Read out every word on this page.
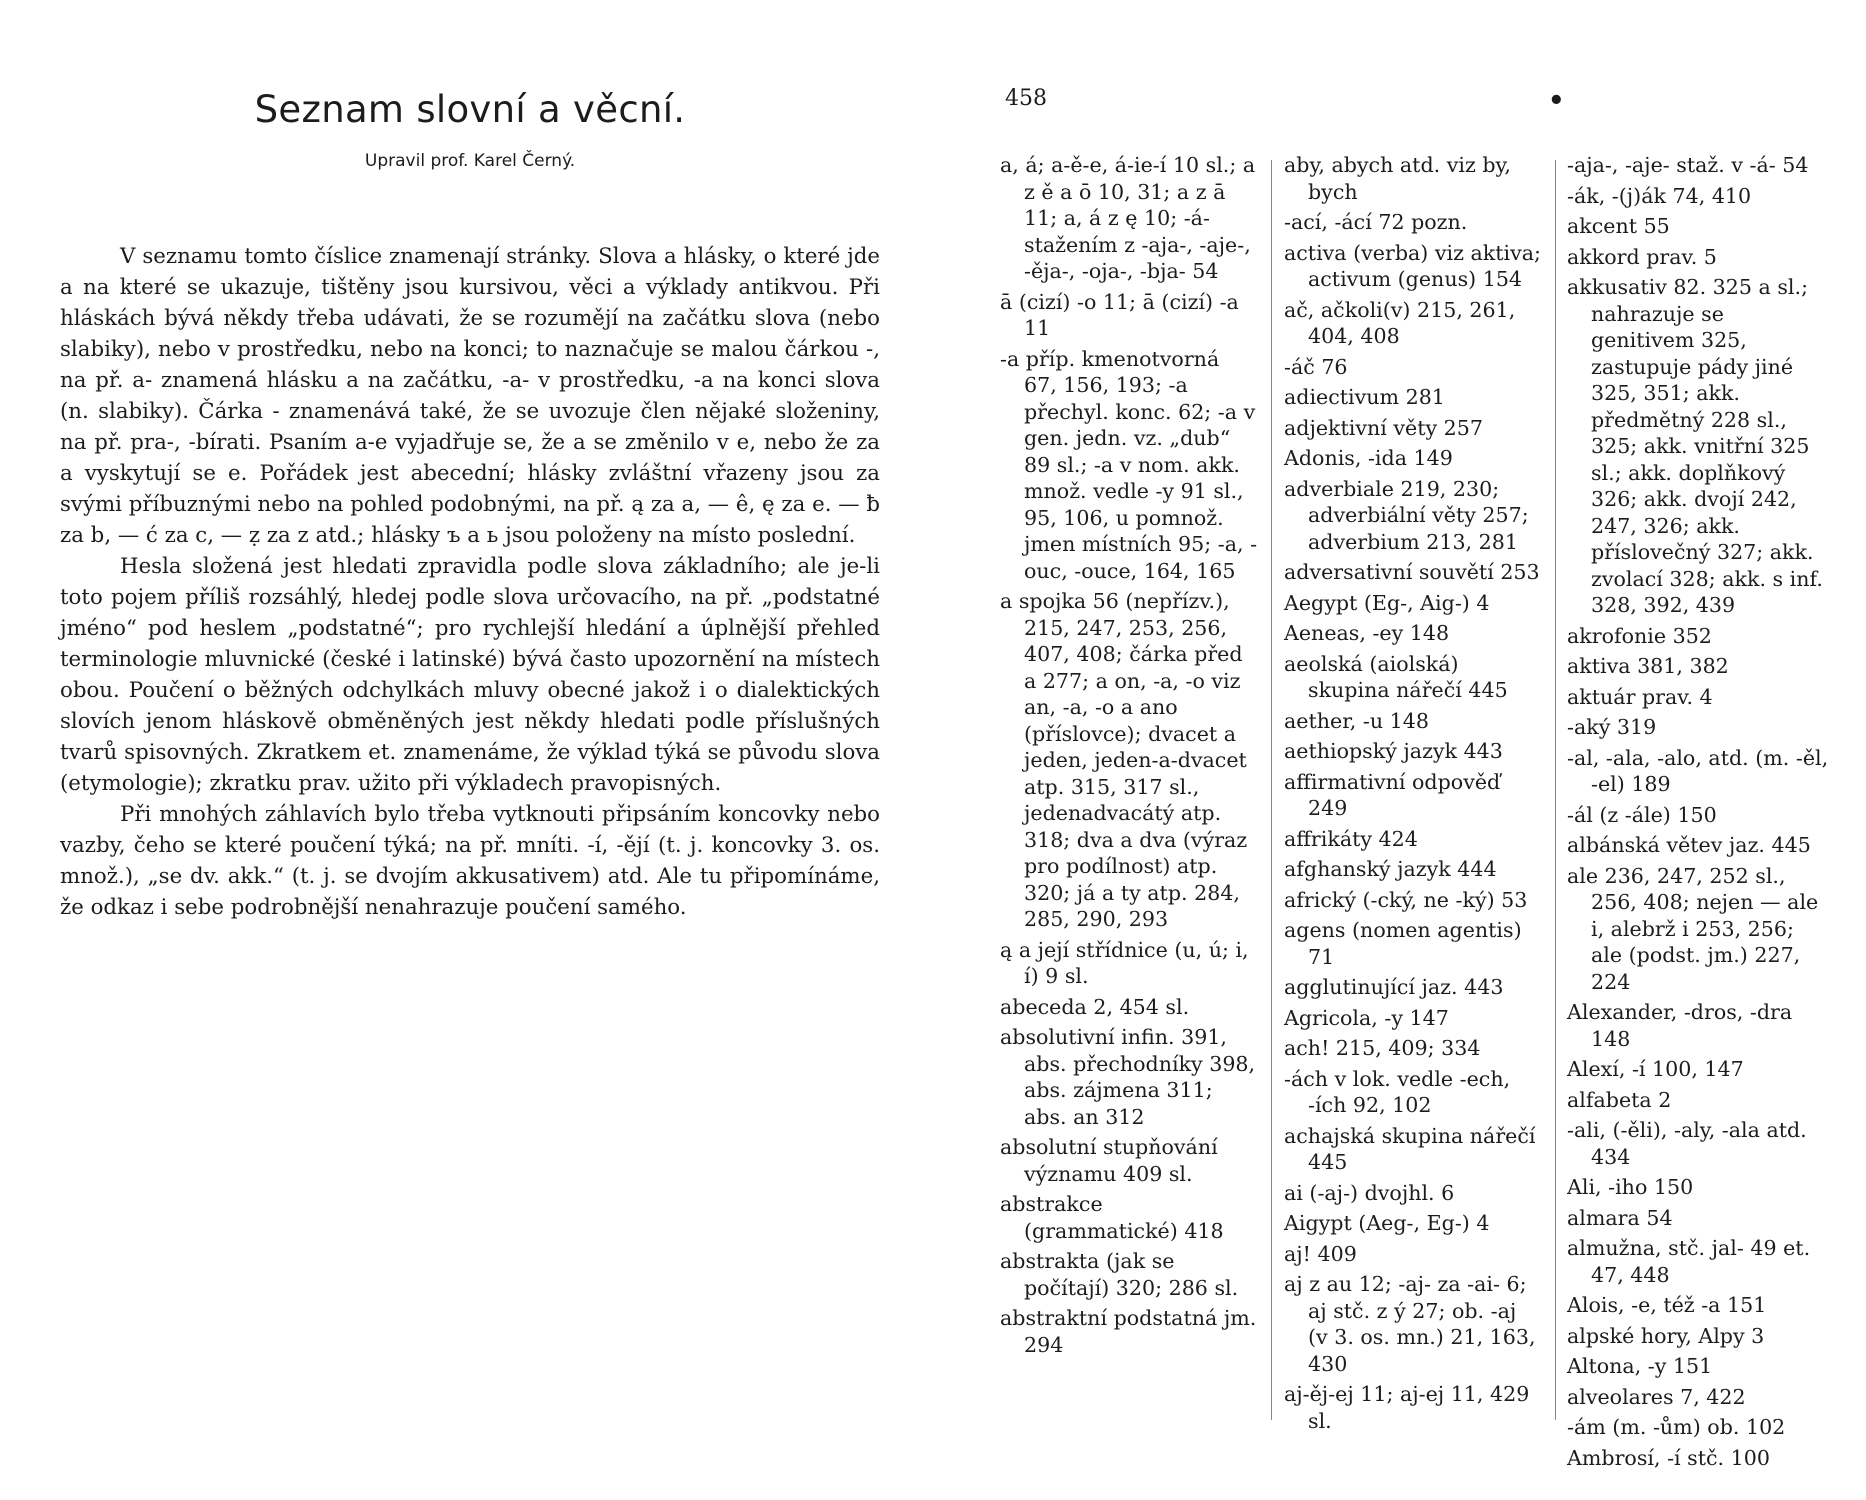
Seznam slovní a věcní.
Upravil prof. Karel Černý.

V seznamu tomto číslice znamenají stránky. Slova a hlásky, o které jde a na které se ukazuje, tištěny jsou kursivou, věci a výklady antikvou. Při hláskách bývá někdy třeba udávati, že se rozumějí na začátku slova (nebo slabiky), nebo v prostředku, nebo na konci; to naznačuje se malou čárkou -, na př. a- znamená hlásku a na začátku, -a- v prostředku, -a na konci slova (n. slabiky). Čárka - znamenává také, že se uvozuje člen nějaké složeniny, na př. pra-, -bírati. Psaním a-e vyjadřuje se, že a se změnilo v e, nebo že za a vyskytují se e. Pořádek jest abecední; hlásky zvláštní vřazeny jsou za svými příbuznými nebo na pohled podobnými, na př. ą za a, — ê, ę za e. — ƀ za b, — ć za c, — ẓ za z atd.; hlásky ъ a ь jsou položeny na místo poslední.

Hesla složená jest hledati zpravidla podle slova základního; ale je-li toto pojem příliš rozsáhlý, hledej podle slova určovacího, na př. „podstatné jméno“ pod heslem „podstatné“; pro rychlejší hledání a úplnější přehled terminologie mluvnické (české i latinské) bývá často upozornění na místech obou. Poučení o běžných odchylkách mluvy obecné jakož i o dialektických slovích jenom hláskově obměněných jest někdy hledati podle příslušných tvarů spisovných. Zkratkem et. znamenáme, že výklad týká se původu slova (etymologie); zkratku prav. užito při výkladech pravopisných.

Při mnohých záhlavích bylo třeba vytknouti připsáním koncovky nebo vazby, čeho se které poučení týká; na př. mníti. -í, -ějí (t. j. koncovky 3. os. množ.), „se dv. akk.“ (t. j. se dvojím akkusativem) atd. Ale tu připomínáme, že odkaz i sebe podrobnější nenahrazuje poučení samého.

458	•
a, á; a-ě-e, á-ie-í 10 sl.; a z ě a ō 10, 31; a z ā 11; a, á z ę 10; -á- stažením z -aja-, -aje-, -ěja-, -oja-, -bja- 54
ā (cizí) -o 11; ā (cizí) -a 11
-a příp. kmenotvorná 67, 156, 193; -a přechyl. konc. 62; -a v gen. jedn. vz. „dub“ 89 sl.; -a v nom. akk. množ. vedle -y 91 sl., 95, 106, u pomnož. jmen místních 95; -a, -ouc, -ouce, 164, 165
a spojka 56 (nepřízv.), 215, 247, 253, 256, 407, 408; čárka před a 277; a on, -a, -o viz an, -a, -o a ano (příslovce); dvacet a jeden, jeden-a-dvacet atp. 315, 317 sl., jedenadvacátý atp. 318; dva a dva (výraz pro podílnost) atp. 320; já a ty atp. 284, 285, 290, 293
ą a její střídnice (u, ú; i, í) 9 sl.
abeceda 2, 454 sl.
absolutivní infin. 391, abs. přechodníky 398, abs. zájmena 311; abs. an 312
absolutní stupňování významu 409 sl.
abstrakce (grammatické) 418
abstrakta (jak se počítají) 320; 286 sl.
abstraktní podstatná jm. 294
aby, abych atd. viz by, bych
-ací, -ácí 72 pozn.
activa (verba) viz aktiva; activum (genus) 154
ač, ačkoli(v) 215, 261, 404, 408
-áč 76
adiectivum 281
adjektivní věty 257
Adonis, -ida 149
adverbiale 219, 230; adverbiální věty 257; adverbium 213, 281
adversativní souvětí 253
Aegypt (Eg-, Aig-) 4
Aeneas, -ey 148
aeolská (aiolská) skupina nářečí 445
aether, -u 148
aethiopský jazyk 443
affirmativní odpověď 249
affrikáty 424
afghanský jazyk 444
africký (-cký, ne -ký) 53
agens (nomen agentis) 71
agglutinující jaz. 443
Agricola, -y 147
ach! 215, 409; 334
-ách v lok. vedle -ech, -ích 92, 102
achajská skupina nářečí 445
ai (-aj-) dvojhl. 6
Aigypt (Aeg-, Eg-) 4
aj! 409
aj z au 12; -aj- za -ai- 6; aj stč. z ý 27; ob. -aj (v 3. os. mn.) 21, 163, 430
aj-ěj-ej 11; aj-ej 11, 429 sl.
-aja-, -aje- staž. v -á- 54
-ák, -(j)ák 74, 410
akcent 55
akkord prav. 5
akkusativ 82. 325 a sl.; nahrazuje se genitivem 325, zastupuje pády jiné 325, 351; akk. předmětný 228 sl., 325; akk. vnitřní 325 sl.; akk. doplňkový 326; akk. dvojí 242, 247, 326; akk. příslovečný 327; akk. zvolací 328; akk. s inf. 328, 392, 439
akrofonie 352
aktiva 381, 382
aktuár prav. 4
-aký 319
-al, -ala, -alo, atd. (m. -ěl, -el) 189
-ál (z -ále) 150
albánská větev jaz. 445
ale 236, 247, 252 sl., 256, 408; nejen — ale i, alebrž i 253, 256; ale (podst. jm.) 227, 224
Alexander, -dros, -dra 148
Alexí, -í 100, 147
alfabeta 2
-ali, (-ěli), -aly, -ala atd. 434
Ali, -iho 150
almara 54
almužna, stč. jal- 49 et. 47, 448
Alois, -e, též -a 151
alpské hory, Alpy 3
Altona, -y 151
alveolares 7, 422
-ám (m. -ům) ob. 102
Ambrosí, -í stč. 100
